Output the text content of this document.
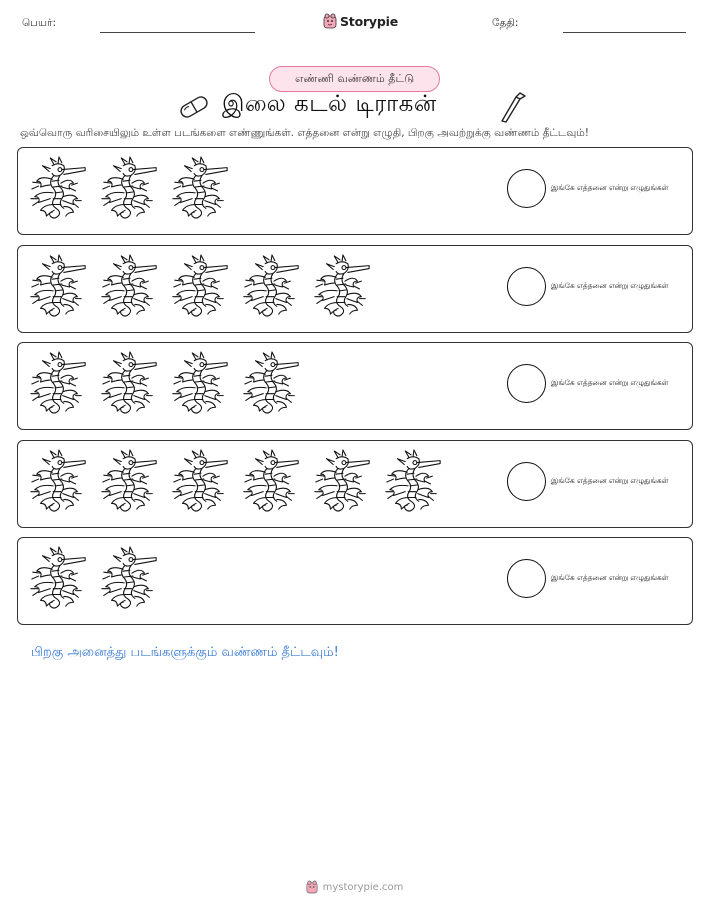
பெயர்:	Storypie	தேதி:
எண்ணி வண்ணம் தீட்டு
இலை கடல் டிராகன்
ஒவ்வொரு வரிசையிலும் உள்ள படங்களை எண்ணுங்கள். எத்தனை என்று எழுதி, பிறகு அவற்றுக்கு வண்ணம் தீட்டவும்!
இங்கே எத்தனை என்று எழுதுங்கள்
இங்கே எத்தனை என்று எழுதுங்கள்
இங்கே எத்தனை என்று எழுதுங்கள்
இங்கே எத்தனை என்று எழுதுங்கள்
இங்கே எத்தனை என்று எழுதுங்கள்
பிறகு அனைத்து படங்களுக்கும் வண்ணம் தீட்டவும்!
mystorypie.com
